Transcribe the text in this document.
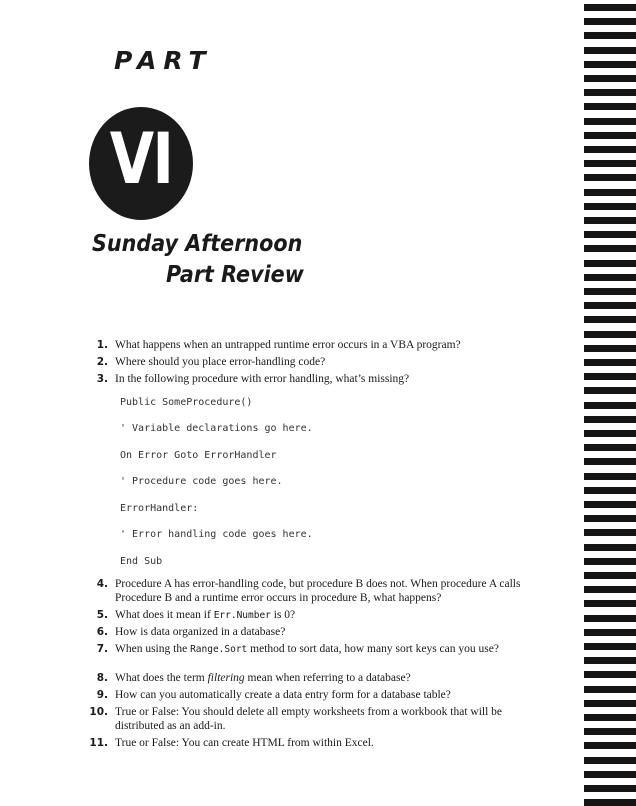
PART
VI
Sunday Afternoon
Part Review
1. What happens when an untrapped runtime error occurs in a VBA program?
2. Where should you place error-handling code?
3. In the following procedure with error handling, what’s missing?
Public SomeProcedure()
' Variable declarations go here.
On Error Goto ErrorHandler
' Procedure code goes here.
ErrorHandler:
' Error handling code goes here.
End Sub
4. Procedure A has error-handling code, but procedure B does not. When procedure A calls Procedure B and a runtime error occurs in procedure B, what happens?
5. What does it mean if Err.Number is 0?
6. How is data organized in a database?
7. When using the Range.Sort method to sort data, how many sort keys can you use?
8. What does the term filtering mean when referring to a database?
9. How can you automatically create a data entry form for a database table?
10. True or False: You should delete all empty worksheets from a workbook that will be distributed as an add-in.
11. True or False: You can create HTML from within Excel.
